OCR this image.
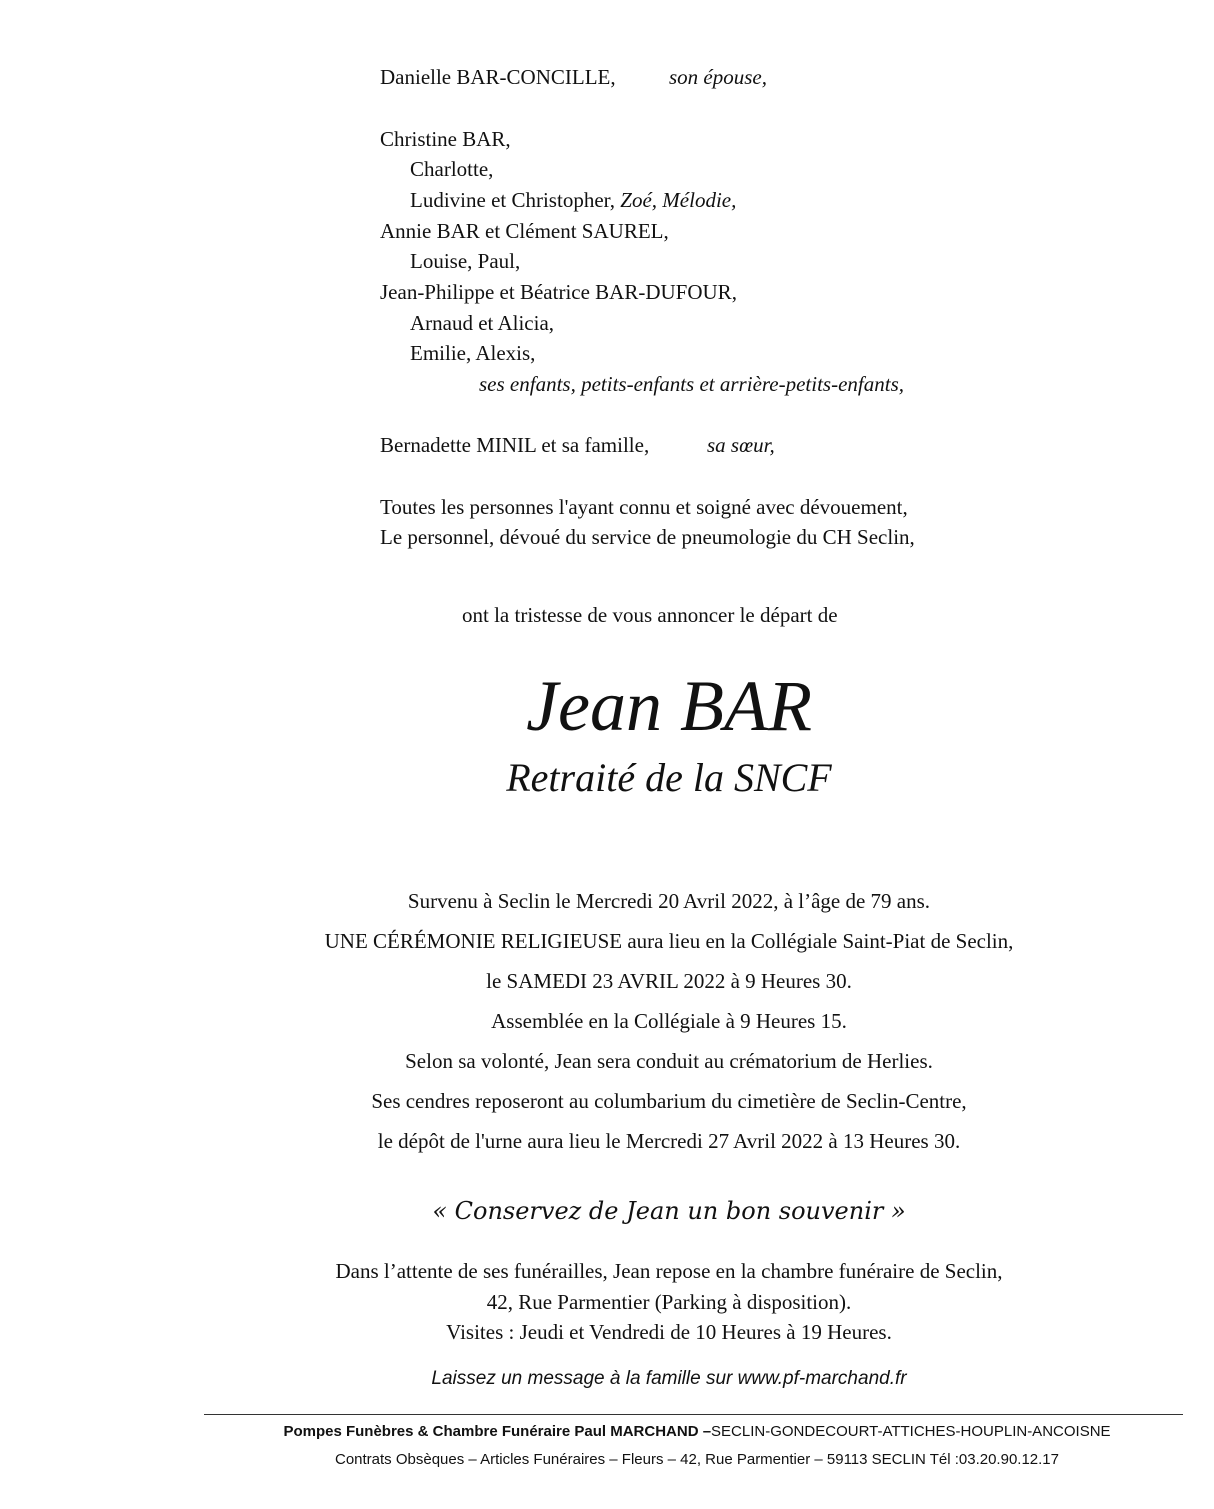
Danielle BAR-CONCILLE,	son épouse,
Christine BAR,
Charlotte,
Ludivine et Christopher, Zoé, Mélodie,
Annie BAR et Clément SAUREL,
Louise, Paul,
Jean-Philippe et Béatrice BAR-DUFOUR,
Arnaud et Alicia,
Emilie, Alexis,
ses enfants, petits-enfants et arrière-petits-enfants,
Bernadette MINIL et sa famille,	sa sœur,
Toutes les personnes l'ayant connu et soigné avec dévouement,
Le personnel, dévoué du service de pneumologie du CH Seclin,
ont la tristesse de vous annoncer le départ de
Jean BAR
Retraité de la SNCF
Survenu à Seclin le Mercredi 20 Avril 2022, à l’âge de 79 ans.
UNE CÉRÉMONIE RELIGIEUSE aura lieu en la Collégiale Saint-Piat de Seclin,
le SAMEDI 23 AVRIL 2022 à 9 Heures 30.
Assemblée en la Collégiale à 9 Heures 15.
Selon sa volonté, Jean sera conduit au crématorium de Herlies.
Ses cendres reposeront au columbarium du cimetière de Seclin-Centre,
le dépôt de l'urne aura lieu le Mercredi 27 Avril 2022 à 13 Heures 30.
« Conservez de Jean un bon souvenir »
Dans l’attente de ses funérailles, Jean repose en la chambre funéraire de Seclin,
42, Rue Parmentier (Parking à disposition).
Visites : Jeudi et Vendredi de 10 Heures à 19 Heures.
Laissez un message à la famille sur www.pf-marchand.fr
Pompes Funèbres & Chambre Funéraire Paul MARCHAND –SECLIN-GONDECOURT-ATTICHES-HOUPLIN-ANCOISNE
Contrats Obsèques – Articles Funéraires – Fleurs – 42, Rue Parmentier – 59113 SECLIN Tél :03.20.90.12.17
